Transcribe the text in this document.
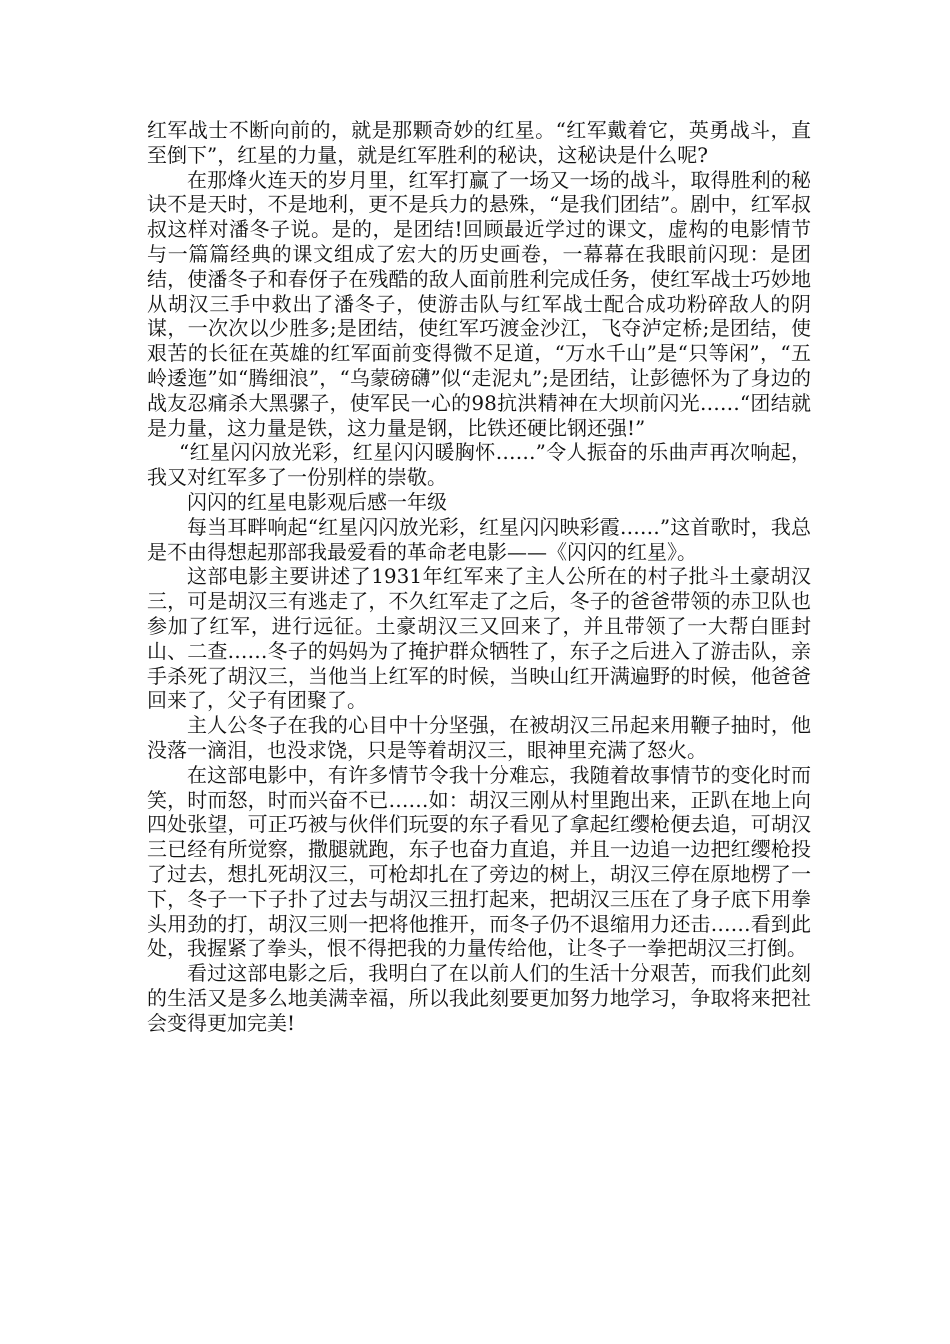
红军战士不断向前的，就是那颗奇妙的红星。“红军戴着它，英勇战斗，直至倒下”，红星的力量，就是红军胜利的秘诀，这秘诀是什么呢?

在那烽火连天的岁月里，红军打赢了一场又一场的战斗，取得胜利的秘诀不是天时，不是地利，更不是兵力的悬殊，“是我们团结”。剧中，红军叔叔这样对潘冬子说。是的，是团结!回顾最近学过的课文，虚构的电影情节与一篇篇经典的课文组成了宏大的历史画卷，一幕幕在我眼前闪现：是团结，使潘冬子和春伢子在残酷的敌人面前胜利完成任务，使红军战士巧妙地从胡汉三手中救出了潘冬子，使游击队与红军战士配合成功粉碎敌人的阴谋，一次次以少胜多;是团结，使红军巧渡金沙江，飞夺泸定桥;是团结，使艰苦的长征在英雄的红军面前变得微不足道，“万水千山”是“只等闲”，“五岭逶迤”如“腾细浪”，“乌蒙磅礴”似“走泥丸”;是团结，让彭德怀为了身边的战友忍痛杀大黑骡子，使军民一心的98抗洪精神在大坝前闪光……“团结就是力量，这力量是铁，这力量是钢，比铁还硬比钢还强!”

“红星闪闪放光彩，红星闪闪暖胸怀……”令人振奋的乐曲声再次响起，我又对红军多了一份别样的崇敬。

闪闪的红星电影观后感一年级

每当耳畔响起“红星闪闪放光彩，红星闪闪映彩霞……”这首歌时，我总是不由得想起那部我最爱看的革命老电影——《闪闪的红星》。

这部电影主要讲述了1931年红军来了主人公所在的村子批斗土豪胡汉三，可是胡汉三有逃走了，不久红军走了之后，冬子的爸爸带领的赤卫队也参加了红军，进行远征。土豪胡汉三又回来了，并且带领了一大帮白匪封山、二查……冬子的妈妈为了掩护群众牺牲了，东子之后进入了游击队，亲手杀死了胡汉三，当他当上红军的时候，当映山红开满遍野的时候，他爸爸回来了，父子有团聚了。

主人公冬子在我的心目中十分坚强，在被胡汉三吊起来用鞭子抽时，他没落一滴泪，也没求饶，只是等着胡汉三，眼神里充满了怒火。

在这部电影中，有许多情节令我十分难忘，我随着故事情节的变化时而笑，时而怒，时而兴奋不已……如：胡汉三刚从村里跑出来，正趴在地上向四处张望，可正巧被与伙伴们玩耍的东子看见了拿起红缨枪便去追，可胡汉三已经有所觉察，撒腿就跑，东子也奋力直追，并且一边追一边把红缨枪投了过去，想扎死胡汉三，可枪却扎在了旁边的树上，胡汉三停在原地楞了一下，冬子一下子扑了过去与胡汉三扭打起来，把胡汉三压在了身子底下用拳头用劲的打，胡汉三则一把将他推开，而冬子仍不退缩用力还击……看到此处，我握紧了拳头，恨不得把我的力量传给他，让冬子一拳把胡汉三打倒。

看过这部电影之后，我明白了在以前人们的生活十分艰苦，而我们此刻的生活又是多么地美满幸福，所以我此刻要更加努力地学习，争取将来把社会变得更加完美!
